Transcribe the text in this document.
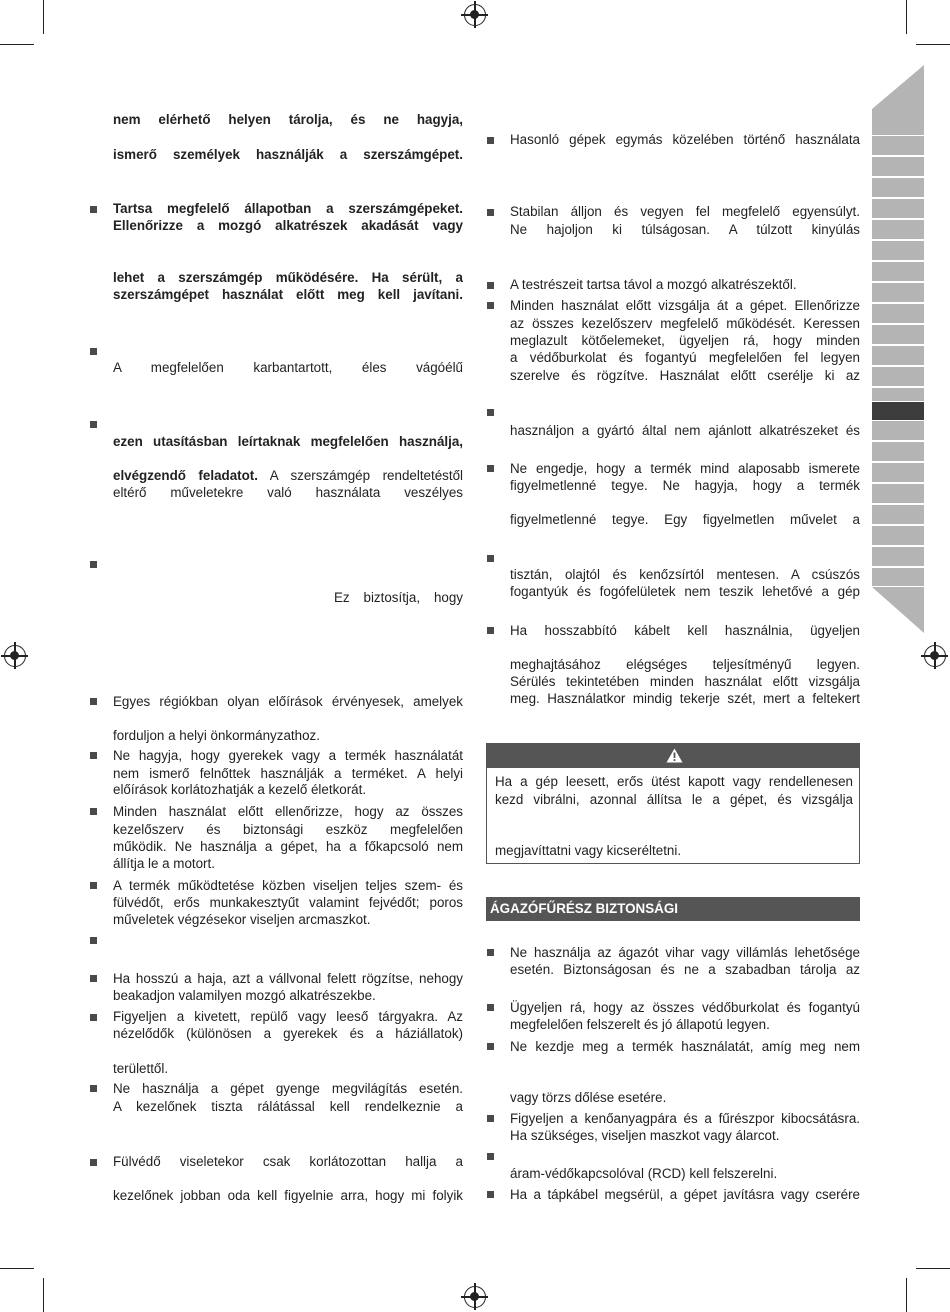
nem elérhető helyen tárolja, és ne hagyja,
ismerő személyek használják a szerszámgépet.
Tartsa megfelelő állapotban a szerszámgépeket.
Ellenőrizze a mozgó alkatrészek akadását vagy
lehet a szerszámgép működésére. Ha sérült, a
szerszámgépet használat előtt meg kell javítani.
A megfelelően karbantartott, éles vágóélű
ezen utasításban leírtaknak megfelelően használja,
elvégzendő feladatot. A szerszámgép rendeltetéstől
eltérő műveletekre való használata veszélyes
Ez biztosítja, hogy
Egyes régiókban olyan előírások érvényesek, amelyek
forduljon a helyi önkormányzathoz.
Ne hagyja, hogy gyerekek vagy a termék használatát
nem ismerő felnőttek használják a terméket. A helyi
előírások korlátozhatják a kezelő életkorát.
Minden használat előtt ellenőrizze, hogy az összes
kezelőszerv és biztonsági eszköz megfelelően
működik. Ne használja a gépet, ha a főkapcsoló nem
állítja le a motort.
A termék működtetése közben viseljen teljes szem- és
fülvédőt, erős munkakesztyűt valamint fejvédőt; poros
műveletek végzésekor viseljen arcmaszkot.
Ha hosszú a haja, azt a vállvonal felett rögzítse, nehogy
beakadjon valamilyen mozgó alkatrészekbe.
Figyeljen a kivetett, repülő vagy leeső tárgyakra. Az
nézelődők (különösen a gyerekek és a háziállatok)
területtől.
Ne használja a gépet gyenge megvilágítás esetén.
A kezelőnek tiszta rálátással kell rendelkeznie a
Fülvédő viseletekor csak korlátozottan hallja a
kezelőnek jobban oda kell figyelnie arra, hogy mi folyik
Hasonló gépek egymás közelében történő használata
Stabilan álljon és vegyen fel megfelelő egyensúlyt.
Ne hajoljon ki túlságosan. A túlzott kinyúlás
A testrészeit tartsa távol a mozgó alkatrészektől.
Minden használat előtt vizsgálja át a gépet. Ellenőrizze
az összes kezelőszerv megfelelő működését. Keressen
meglazult kötőelemeket, ügyeljen rá, hogy minden
a védőburkolat és fogantyú megfelelően fel legyen
szerelve és rögzítve. Használat előtt cserélje ki az
használjon a gyártó által nem ajánlott alkatrészeket és
Ne engedje, hogy a termék mind alaposabb ismerete
figyelmetlenné tegye. Ne hagyja, hogy a termék
figyelmetlenné tegye. Egy figyelmetlen művelet a
tisztán, olajtól és kenőzsírtól mentesen. A csúszós
fogantyúk és fogófelületek nem teszik lehetővé a gép
Ha hosszabbító kábelt kell használnia, ügyeljen
meghajtásához elégséges teljesítményű legyen.
Sérülés tekintetében minden használat előtt vizsgálja
meg. Használatkor mindig tekerje szét, mert a feltekert
Ha a gép leesett, erős ütést kapott vagy rendellenesen
kezd vibrálni, azonnal állítsa le a gépet, és vizsgálja
megjavíttatni vagy kicseréltetni.
ÁGAZÓFŰRÉSZ BIZTONSÁGI
Ne használja az ágazót vihar vagy villámlás lehetősége
esetén. Biztonságosan és ne a szabadban tárolja az
Ügyeljen rá, hogy az összes védőburkolat és fogantyú
megfelelően felszerelt és jó állapotú legyen.
Ne kezdje meg a termék használatát, amíg meg nem
vagy törzs dőlése esetére.
Figyeljen a kenőanyagpára és a fűrészpor kibocsátásra.
Ha szükséges, viseljen maszkot vagy álarcot.
áram-védőkapcsolóval (RCD) kell felszerelni.
Ha a tápkábel megsérül, a gépet javításra vagy cserére
